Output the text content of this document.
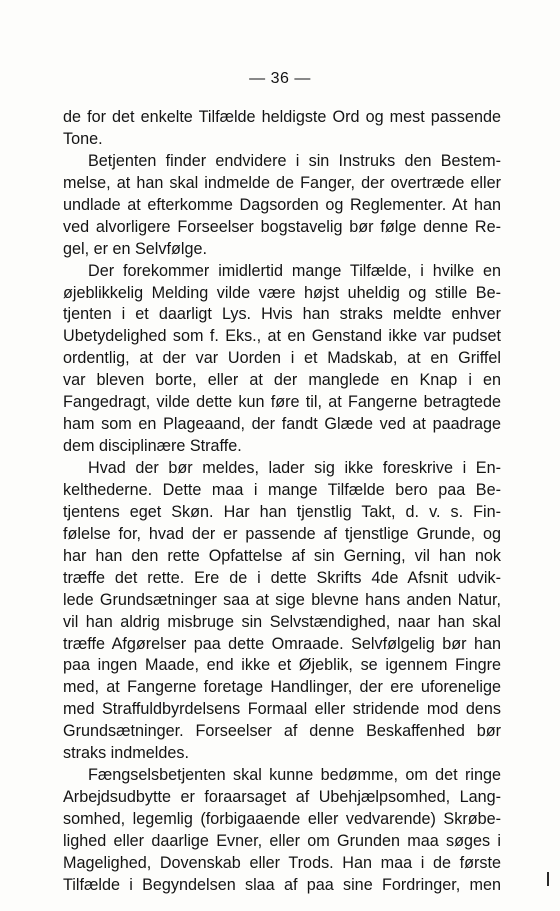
— 36 —
de for det enkelte Tilfælde heldigste Ord og mest passende
Tone.
Betjenten finder endvidere i sin Instruks den Bestem-
melse, at han skal indmelde de Fanger, der overtræde eller
undlade at efterkomme Dagsorden og Reglementer. At han
ved alvorligere Forseelser bogstavelig bør følge denne Re-
gel, er en Selvfølge.
Der forekommer imidlertid mange Tilfælde, i hvilke en
øjeblikkelig Melding vilde være højst uheldig og stille Be-
tjenten i et daarligt Lys. Hvis han straks meldte enhver
Ubetydelighed som f. Eks., at en Genstand ikke var pudset
ordentlig, at der var Uorden i et Madskab, at en Griffel
var bleven borte, eller at der manglede en Knap i en
Fangedragt, vilde dette kun føre til, at Fangerne betragtede
ham som en Plageaand, der fandt Glæde ved at paadrage
dem disciplinære Straffe.
Hvad der bør meldes, lader sig ikke foreskrive i En-
kelthederne. Dette maa i mange Tilfælde bero paa Be-
tjentens eget Skøn. Har han tjenstlig Takt, d. v. s. Fin-
følelse for, hvad der er passende af tjenstlige Grunde, og
har han den rette Opfattelse af sin Gerning, vil han nok
træffe det rette. Ere de i dette Skrifts 4de Afsnit udvik-
lede Grundsætninger saa at sige blevne hans anden Natur,
vil han aldrig misbruge sin Selvstændighed, naar han skal
træffe Afgørelser paa dette Omraade. Selvfølgelig bør han
paa ingen Maade, end ikke et Øjeblik, se igennem Fingre
med, at Fangerne foretage Handlinger, der ere uforenelige
med Straffuldbyrdelsens Formaal eller stridende mod dens
Grundsætninger. Forseelser af denne Beskaffenhed bør
straks indmeldes.
Fængselsbetjenten skal kunne bedømme, om det ringe
Arbejdsudbytte er foraarsaget af Ubehjælpsomhed, Lang-
somhed, legemlig (forbigaaende eller vedvarende) Skrøbe-
lighed eller daarlige Evner, eller om Grunden maa søges i
Magelighed, Dovenskab eller Trods. Han maa i de første
Tilfælde i Begyndelsen slaa af paa sine Fordringer, men
